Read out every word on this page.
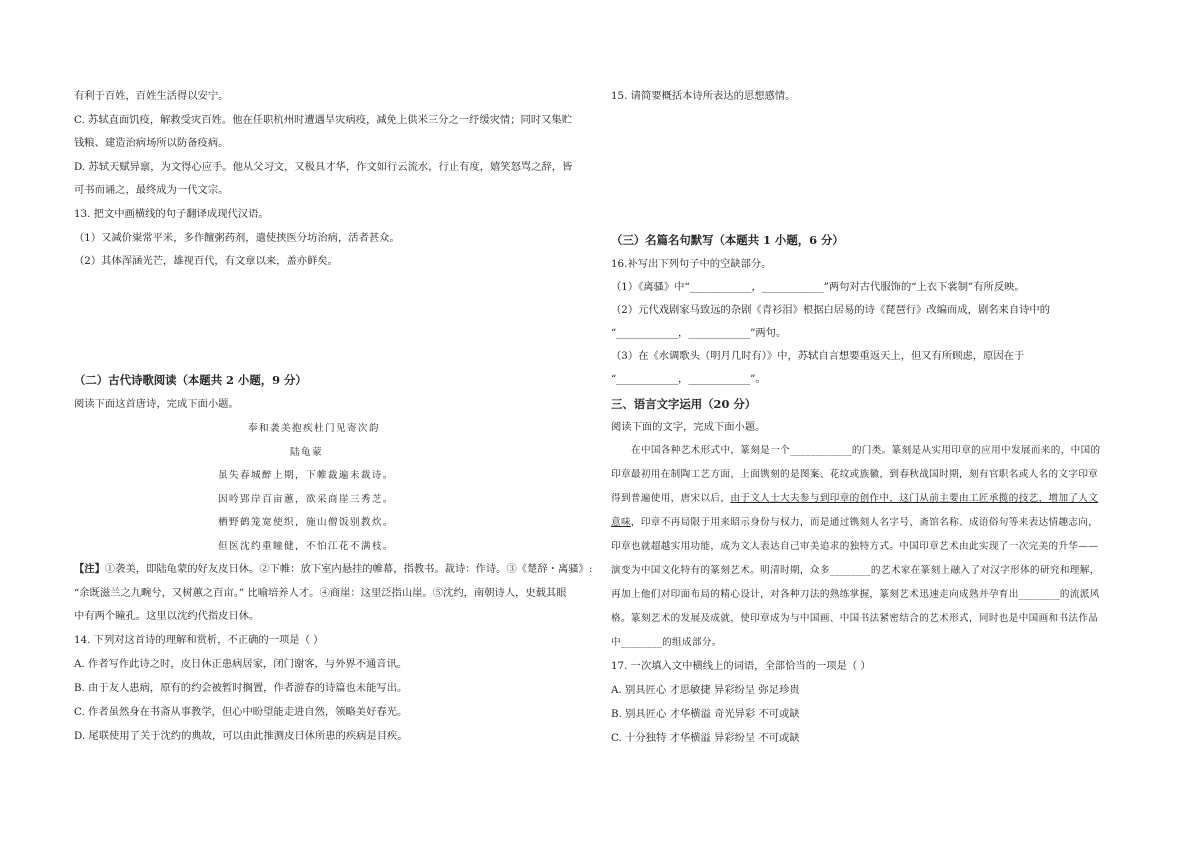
有利于百姓，百姓生活得以安宁。
C. 苏轼直面饥疫，解救受灾百姓。他在任职杭州时遭遇旱灾病疫，减免上供米三分之一纾缓灾情；同时又集贮
钱粮、建造治病场所以防备疫病。
D. 苏轼天赋异禀，为文得心应手。他从父习文，又极具才华，作文如行云流水，行止有度，嬉笑怒骂之辞，皆
可书而诵之，最终成为一代文宗。
13. 把文中画横线的句子翻译成现代汉语。
（1）又减价粜常平米，多作饘粥药剂，遣使挟医分坊治病，活者甚众。
（2）其体浑涵光芒，雄视百代，有文章以来，盖亦鲜矣。
（二）古代诗歌阅读（本题共 2 小题，9 分）
阅读下面这首唐诗，完成下面小题。
奉和袭美抱疾杜门见寄次韵
陆龟蒙
虽失春城醉上期，下帷裁遍未裁诗。
因吟郢岸百亩蕙，欲采商崖三秀芝。
栖野鹤笼宽使织，施山僧饭别教炊。
但医沈约重瞳健，不怕江花不满枝。
【注】①袭美，即陆龟蒙的好友皮日休。②下帷：放下室内悬挂的帷幕，指教书。裁诗：作诗。③《楚辞・离骚》:
“余既滋兰之九畹兮，又树蕙之百亩。” 比喻培养人才。④商崖：这里泛指山崖。⑤沈约，南朝诗人，史载其眼
中有两个瞳孔。这里以沈约代指皮日休。
14. 下列对这首诗的理解和赏析，不正确的一项是（ ）
A. 作者写作此诗之时，皮日休正患病居家，闭门谢客，与外界不通音讯。
B. 由于友人患病，原有的约会被暂时搁置，作者游春的诗篇也未能写出。
C. 作者虽然身在书斋从事教学，但心中盼望能走进自然，领略美好春光。
D. 尾联使用了关于沈约的典故，可以由此推测皮日休所患的疾病是目疾。
15. 请简要概括本诗所表达的思想感情。
（三）名篇名句默写（本题共 1 小题，6 分）
16.补写出下列句子中的空缺部分。
（1）《离骚》中“____________，____________”两句对古代服饰的“上衣下裳制”有所反映。
（2）元代戏剧家马致远的杂剧《青衫泪》根据白居易的诗《琵琶行》改编而成，剧名来自诗中的
“____________，____________”两句。
（3）在《水调歌头（明月几时有）》中，苏轼自言想要重返天上，但又有所顾虑，原因在于
“____________，____________”。
三、语言文字运用（20 分）
阅读下面的文字，完成下面小题。
在中国各种艺术形式中，篆刻是一个____________的门类。篆刻是从实用印章的应用中发展而来的，中国的
印章最初用在制陶工艺方面，上面镌刻的是图案、花纹或族徽，到春秋战国时期，刻有官职名或人名的文字印章
得到普遍使用，唐宋以后，由于文人士大夫参与到印章的创作中，这门从前主要由工匠承揽的技艺，增加了人文
意味，印章不再局限于用来昭示身份与权力，而是通过镌刻人名字号、斋馆名称、成语俗句等来表达情趣志向，
印章也就超越实用功能，成为文人表达自己审美追求的独特方式。中国印章艺术由此实现了一次完美的升华——
演变为中国文化特有的篆刻艺术。明清时期，众多________的艺术家在篆刻上融入了对汉字形体的研究和理解，
再加上他们对印面布局的精心设计，对各种刀法的熟练掌握，篆刻艺术迅速走向成熟并孕育出________的流派风
格。篆刻艺术的发展及成就，使印章成为与中国画、中国书法紧密结合的艺术形式，同时也是中国画和书法作品
中________的组成部分。
17. 一次填入文中横线上的词语，全部恰当的一项是（ ）
A. 别具匠心 才思敏捷 异彩纷呈 弥足珍贵
B. 别具匠心 才华横溢 奇光异彩 不可或缺
C. 十分独特 才华横溢 异彩纷呈 不可或缺
